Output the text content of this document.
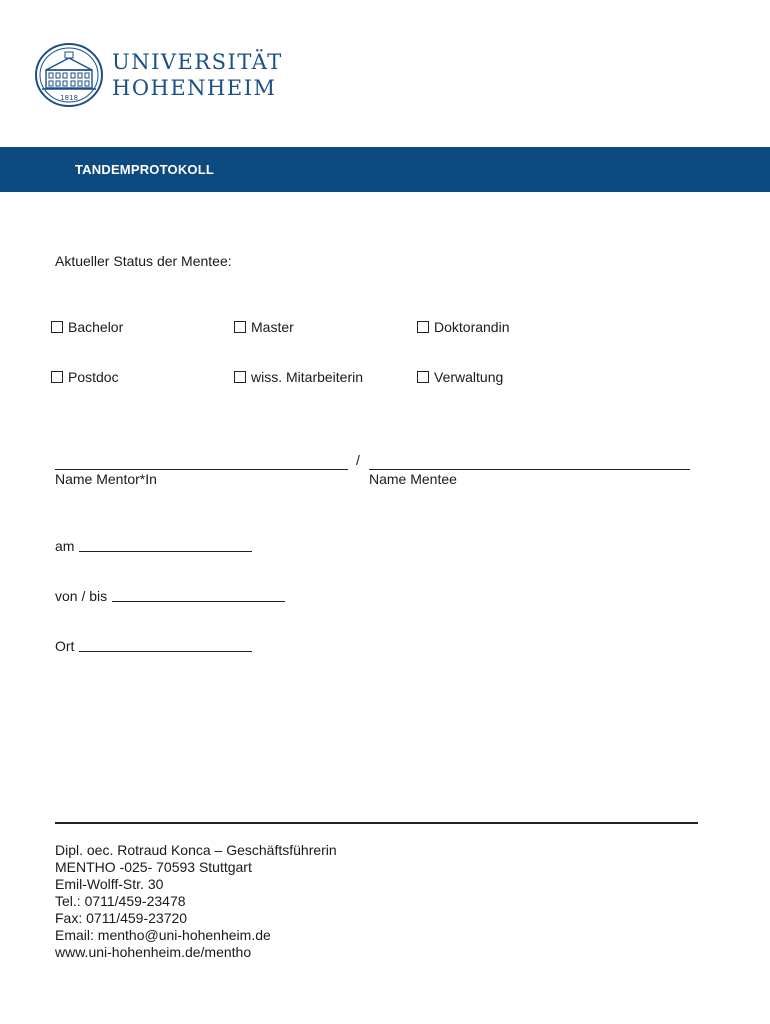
1818
UNIVERSITÄT
HOHENHEIM
TANDEMPROTOKOLL
Aktueller Status der Mentee:
Bachelor	Master	Doktorandin
Postdoc	wiss. Mitarbeiterin	Verwaltung
/
Name Mentor*In	Name Mentee
am
von / bis
Ort
Dipl. oec. Rotraud Konca – Geschäftsführerin
MENTHO -025- 70593 Stuttgart
Emil-Wolff-Str. 30
Tel.: 0711/459-23478
Fax: 0711/459-23720
Email: mentho@uni-hohenheim.de
www.uni-hohenheim.de/mentho
